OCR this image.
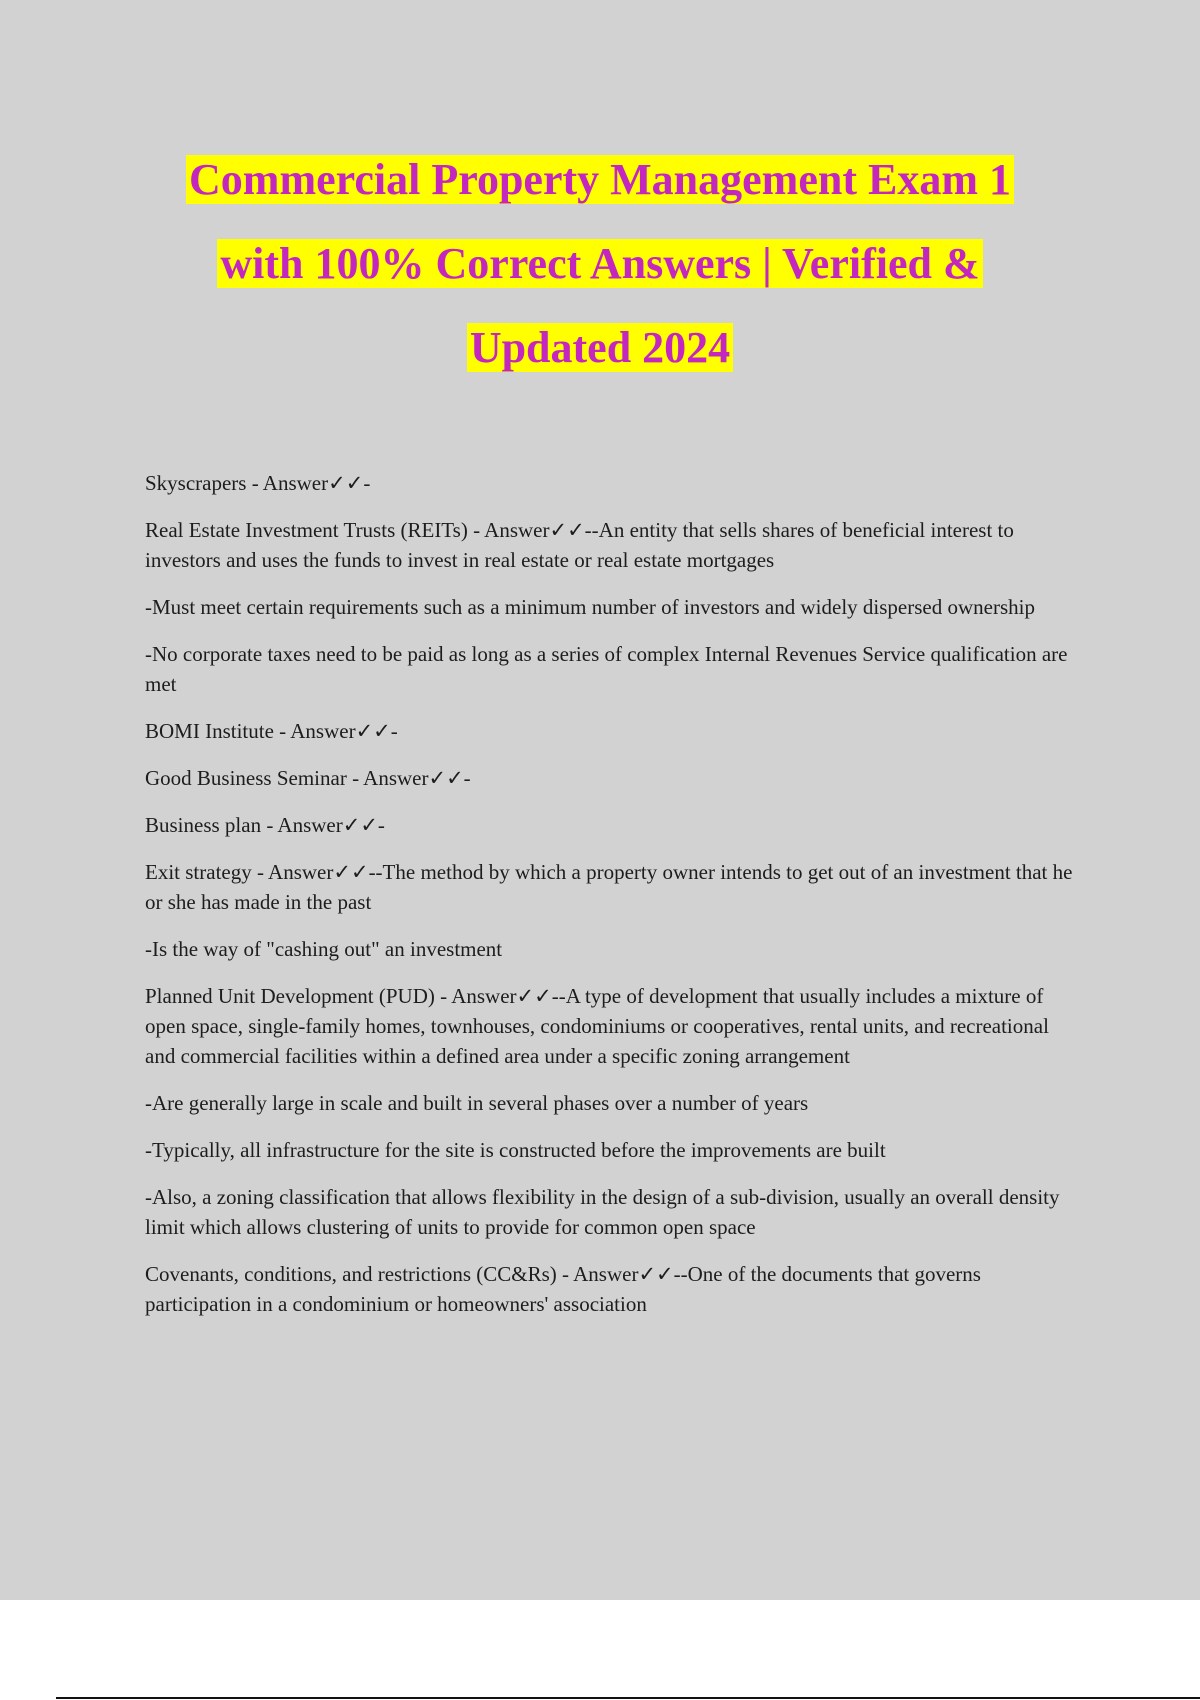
Commercial Property Management Exam 1
with 100% Correct Answers | Verified &
Updated 2024

Skyscrapers - Answer✓✓-

Real Estate Investment Trusts (REITs) - Answer✓✓--An entity that sells shares of beneficial interest to investors and uses the funds to invest in real estate or real estate mortgages

-Must meet certain requirements such as a minimum number of investors and widely dispersed ownership

-No corporate taxes need to be paid as long as a series of complex Internal Revenues Service qualification are met

BOMI Institute - Answer✓✓-

Good Business Seminar - Answer✓✓-

Business plan - Answer✓✓-

Exit strategy - Answer✓✓--The method by which a property owner intends to get out of an investment that he or she has made in the past

-Is the way of "cashing out" an investment

Planned Unit Development (PUD) - Answer✓✓--A type of development that usually includes a mixture of open space, single-family homes, townhouses, condominiums or cooperatives, rental units, and recreational and commercial facilities within a defined area under a specific zoning arrangement

-Are generally large in scale and built in several phases over a number of years

-Typically, all infrastructure for the site is constructed before the improvements are built

-Also, a zoning classification that allows flexibility in the design of a sub-division, usually an overall density limit which allows clustering of units to provide for common open space

Covenants, conditions, and restrictions (CC&Rs) - Answer✓✓--One of the documents that governs participation in a condominium or homeowners' association
